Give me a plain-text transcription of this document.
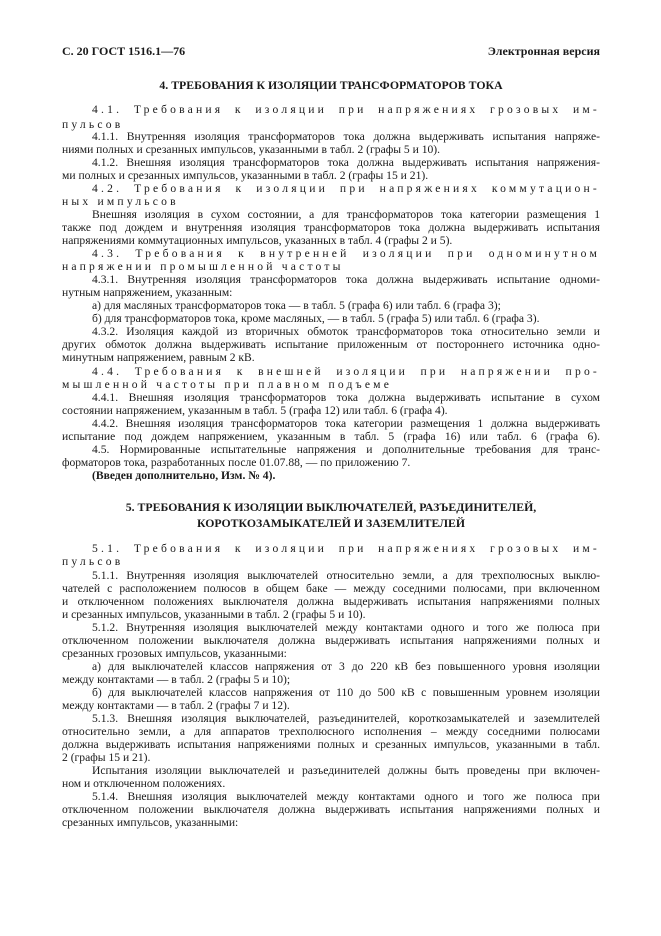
С. 20 ГОСТ 1516.1—76	Электронная версия
4. ТРЕБОВАНИЯ К ИЗОЛЯЦИИ ТРАНСФОРМАТОРОВ ТОКА
4.1. Требования к изоляции при напряжениях грозовых им-
пульсов
4.1.1. Внутренняя изоляция трансформаторов тока должна выдерживать испытания напряже-
ниями полных и срезанных импульсов, указанными в табл. 2 (графы 5 и 10).
4.1.2. Внешняя изоляция трансформаторов тока должна выдерживать испытания напряжения-
ми полных и срезанных импульсов, указанными в табл. 2 (графы 15 и 21).
4.2. Требования к изоляции при напряжениях коммутацион-
ных импульсов
Внешняя изоляция в сухом состоянии, а для трансформаторов тока категории размещения 1
также под дождем и внутренняя изоляция трансформаторов тока должна выдерживать испытания
напряжениями коммутационных импульсов, указанных в табл. 4 (графы 2 и 5).
4.3. Требования к внутренней изоляции при одноминутном
напряжении промышленной частоты
4.3.1. Внутренняя изоляция трансформаторов тока должна выдерживать испытание одноми-
нутным напряжением, указанным:
а) для масляных трансформаторов тока — в табл. 5 (графа 6) или табл. 6 (графа 3);
б) для трансформаторов тока, кроме масляных, — в табл. 5 (графа 5) или табл. 6 (графа 3).
4.3.2. Изоляция каждой из вторичных обмоток трансформаторов тока относительно земли и
других обмоток должна выдерживать испытание приложенным от постороннего источника одно-
минутным напряжением, равным 2 кВ.
4.4. Требования к внешней изоляции при напряжении про-
мышленной частоты при плавном подъеме
4.4.1. Внешняя изоляция трансформаторов тока должна выдерживать испытание в сухом
состоянии напряжением, указанным в табл. 5 (графа 12) или табл. 6 (графа 4).
4.4.2. Внешняя изоляция трансформаторов тока категории размещения 1 должна выдерживать
испытание под дождем напряжением, указанным в табл. 5 (графа 16) или табл. 6 (графа 6).
4.5. Нормированные испытательные напряжения и дополнительные требования для транс-
форматоров тока, разработанных после 01.07.88, — по приложению 7.
(Введен дополнительно, Изм. № 4).
5. ТРЕБОВАНИЯ К ИЗОЛЯЦИИ ВЫКЛЮЧАТЕЛЕЙ, РАЗЪЕДИНИТЕЛЕЙ,
КОРОТКОЗАМЫКАТЕЛЕЙ И ЗАЗЕМЛИТЕЛЕЙ
5.1. Требования к изоляции при напряжениях грозовых им-
пульсов
5.1.1. Внутренняя изоляция выключателей относительно земли, а для трехполюсных выклю-
чателей с расположением полюсов в общем баке — между соседними полюсами, при включенном
и отключенном положениях выключателя должна выдерживать испытания напряжениями полных
и срезанных импульсов, указанными в табл. 2 (графы 5 и 10).
5.1.2. Внутренняя изоляция выключателей между контактами одного и того же полюса при
отключенном положении выключателя должна выдерживать испытания напряжениями полных и
срезанных грозовых импульсов, указанными:
а) для выключателей классов напряжения от 3 до 220 кВ без повышенного уровня изоляции
между контактами — в табл. 2 (графы 5 и 10);
б) для выключателей классов напряжения от 110 до 500 кВ с повышенным уровнем изоляции
между контактами — в табл. 2 (графы 7 и 12).
5.1.3. Внешняя изоляция выключателей, разъединителей, короткозамыкателей и заземлителей
относительно земли, а для аппаратов трехполюсного исполнения – между соседними полюсами
должна выдерживать испытания напряжениями полных и срезанных импульсов, указанными в табл.
2 (графы 15 и 21).
Испытания изоляции выключателей и разъединителей должны быть проведены при включен-
ном и отключенном положениях.
5.1.4. Внешняя изоляция выключателей между контактами одного и того же полюса при
отключенном положении выключателя должна выдерживать испытания напряжениями полных и
срезанных импульсов, указанными:
